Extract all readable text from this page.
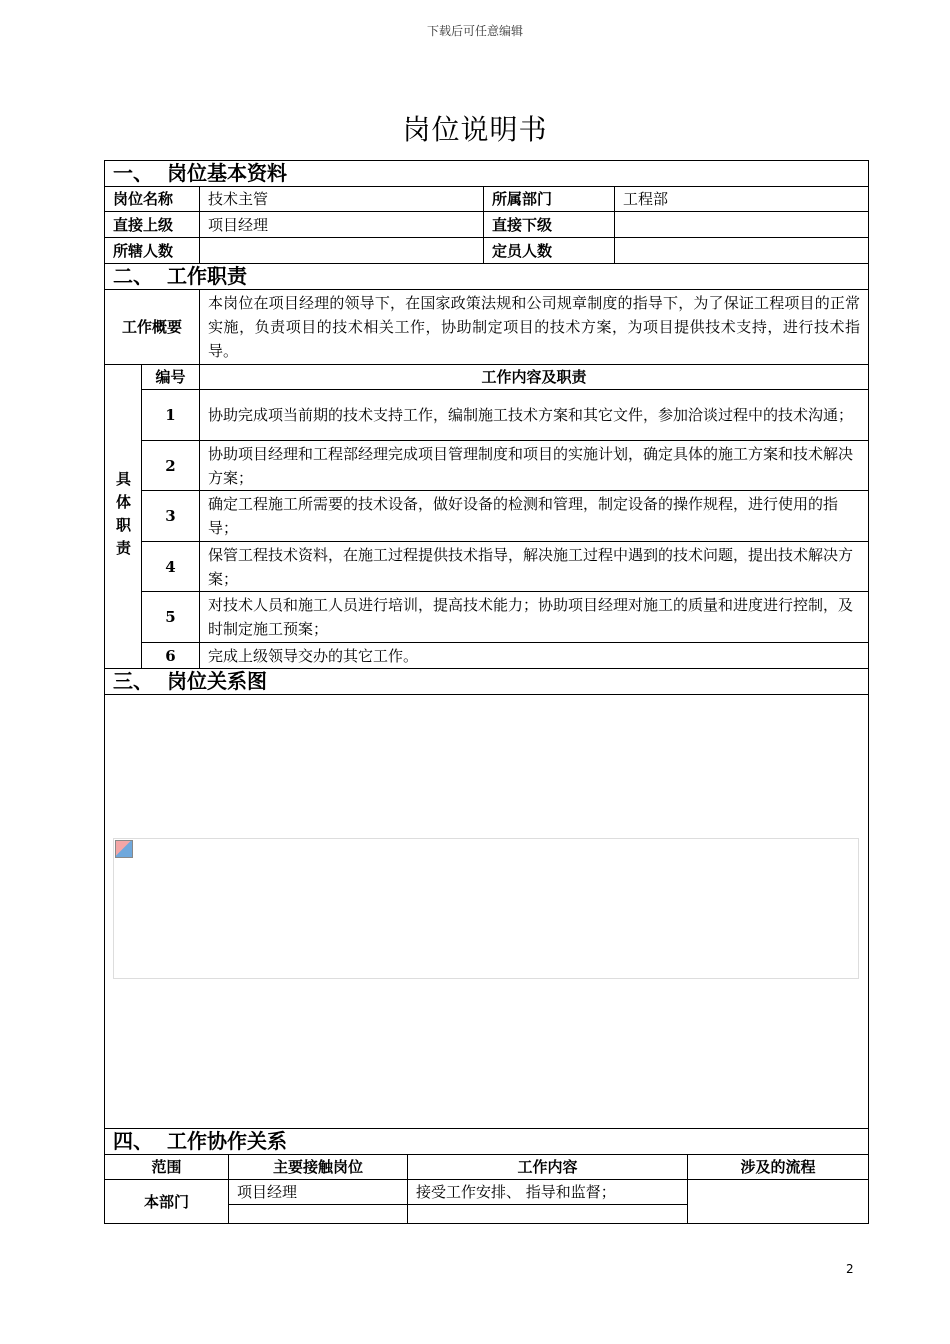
下载后可任意编辑
岗位说明书
一、 岗位基本资料				
岗位名称		技术主管	所属部门	工程部
直接上级		项目经理	直接下级	
所辖人数			定员人数	
二、 工作职责				
工作概要		本岗位在项目经理的领导下，在国家政策法规和公司规章制度的指导下，为了保证工程项目的正常实施，负责项目的技术相关工作，协助制定项目的技术方案，为项目提供技术支持，进行技术指导。		
具体职责	编号	工作内容及职责		
	1	协助完成项当前期的技术支持工作，编制施工技术方案和其它文件，参加洽谈过程中的技术沟通；		
	2	协助项目经理和工程部经理完成项目管理制度和项目的实施计划，确定具体的施工方案和技术解决方案；		
	3	确定工程施工所需要的技术设备，做好设备的检测和管理，制定设备的操作规程，进行使用的指导；		
	4	保管工程技术资料，在施工过程提供技术指导，解决施工过程中遇到的技术问题，提出技术解决方案；		
	5	对技术人员和施工人员进行培训，提高技术能力；协助项目经理对施工的质量和进度进行控制，及时制定施工预案；		
	6	完成上级领导交办的其它工作。		
三、 岗位关系图				

四、 工作协作关系			
范围	主要接触岗位	工作内容	涉及的流程
本部门	项目经理	接受工作安排、 指导和监督；	

2
